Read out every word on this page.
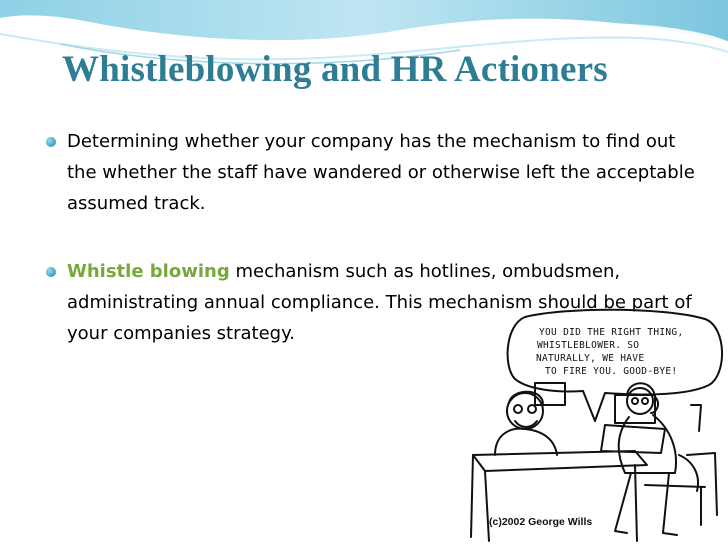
Whistleblowing and HR Actioners
Determining whether your company has the mechanism to find out the whether the staff have wandered or otherwise left the acceptable assumed track.
Whistle blowing mechanism such as hotlines, ombudsmen, administrating annual compliance. This mechanism should be part of your companies strategy.	YOU DID THE RIGHT THING,
WHISTLEBLOWER. SO
NATURALLY, WE HAVE
TO FIRE YOU. GOOD-BYE!
(c)2002 George Wills
